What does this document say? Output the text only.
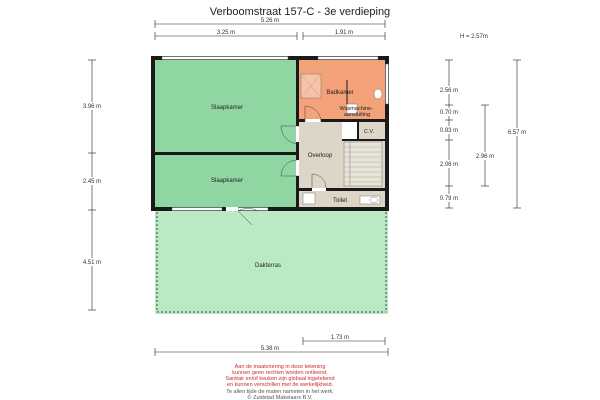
Verboomstraat 157-C - 3e verdieping
5.26 m
3.25 m	1.91 m
H = 2.57m
3.96 m
2.45 m
4.51 m
2.56 m
0.70 m
0.83 m
2.06 m
0.79 m
2.96 m
6.57 m
Slaapkamer
Slaapkamer
Badkamer
Wasmachine- aansluiting
Overloop
C.V.
Toilet
Dakterras
1.73 m
5.38 m
Aan de maatvoering in deze tekening
kunnen geen rechten worden ontleend.
Sanitair en/of keuken zijn globaal ingetekend
en kunnen verschillen met de werkelijkheid.
Te allen tijde de maten nameten in het werk.
© Zuidstad Makelaars B.V.
